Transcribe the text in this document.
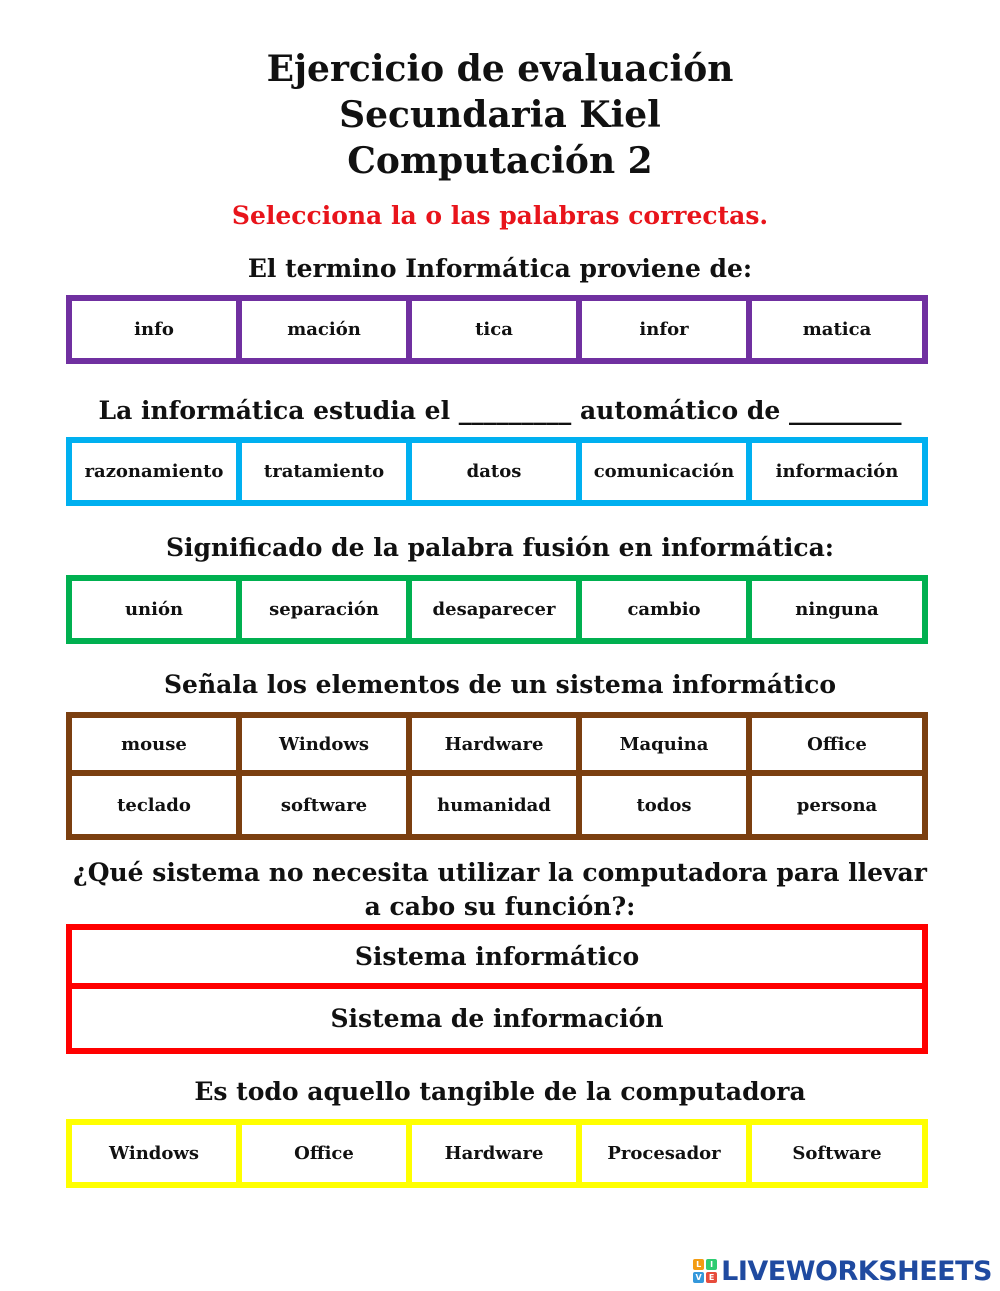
Ejercicio de evaluación
Secundaria Kiel
Computación 2
Selecciona la o las palabras correctas.
El termino Informática proviene de:
info	mación	tica	infor	matica
La informática estudia el _________ automático de _________
razonamiento	tratamiento	datos	comunicación	información
Significado de la palabra fusión en informática:
unión	separación	desaparecer	cambio	ninguna
Señala los elementos de un sistema informático
mouse	Windows	Hardware	Maquina	Office
teclado	software	humanidad	todos	persona
¿Qué sistema no necesita utilizar la computadora para llevar a cabo su función?:
Sistema informático
Sistema de información
Es todo aquello tangible de la computadora
Windows	Office	Hardware	Procesador	Software
L	I
V E LIVEWORKSHEETS
